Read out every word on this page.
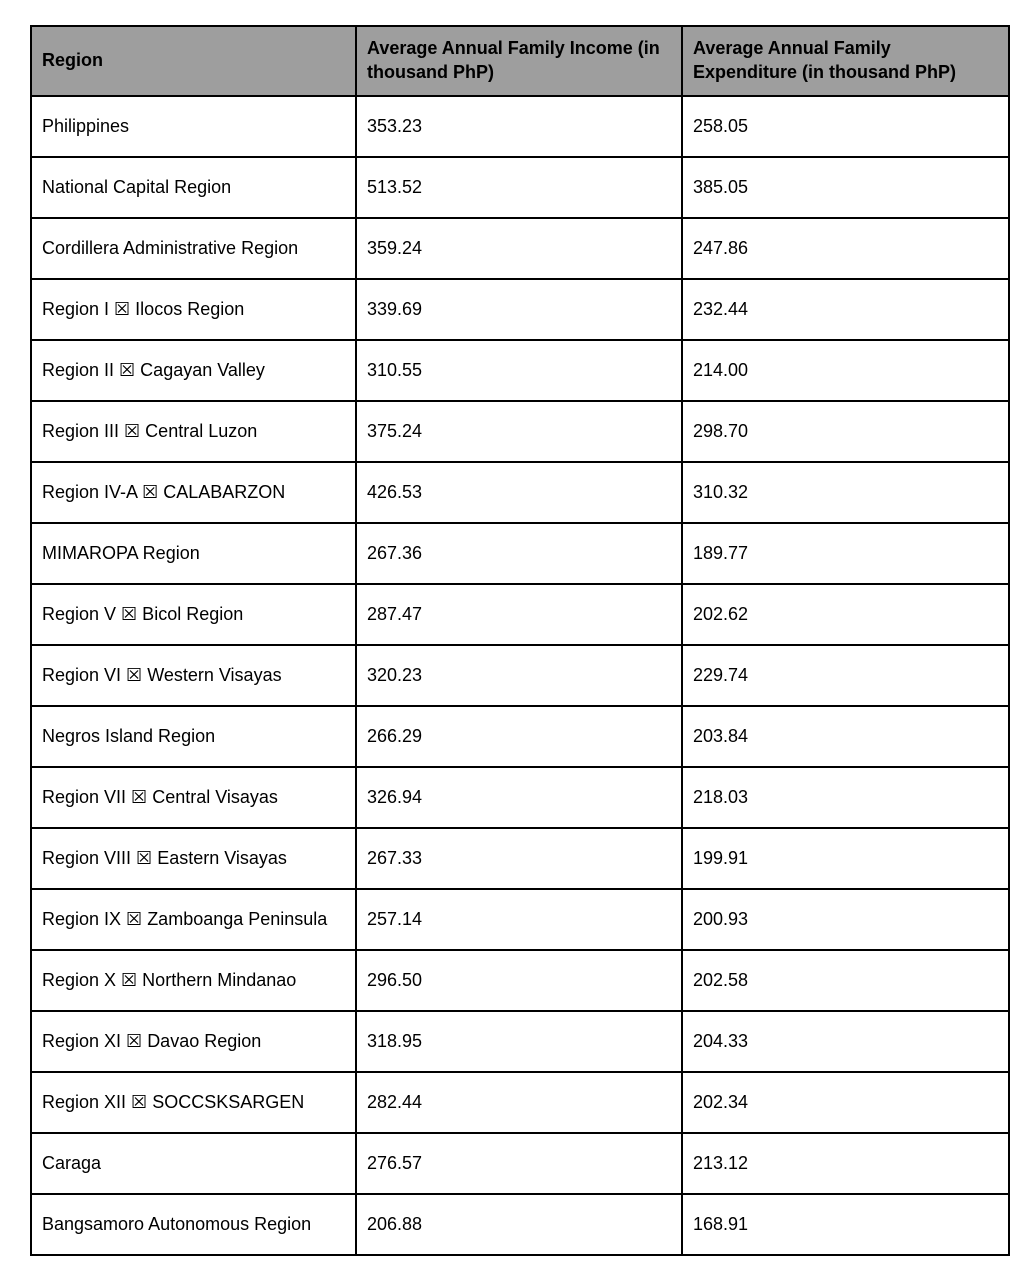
Region	Average Annual Family Income (in thousand PhP)	Average Annual Family Expenditure (in thousand PhP)
Philippines	353.23	258.05
National Capital Region	513.52	385.05
Cordillera Administrative Region	359.24	247.86
Region I ☒ Ilocos Region	339.69	232.44
Region II ☒ Cagayan Valley	310.55	214.00
Region III ☒ Central Luzon	375.24	298.70
Region IV-A ☒ CALABARZON	426.53	310.32
MIMAROPA Region	267.36	189.77
Region V ☒ Bicol Region	287.47	202.62
Region VI ☒ Western Visayas	320.23	229.74
Negros Island Region	266.29	203.84
Region VII ☒ Central Visayas	326.94	218.03
Region VIII ☒ Eastern Visayas	267.33	199.91
Region IX ☒ Zamboanga Peninsula	257.14	200.93
Region X ☒ Northern Mindanao	296.50	202.58
Region XI ☒ Davao Region	318.95	204.33
Region XII ☒ SOCCSKSARGEN	282.44	202.34
Caraga	276.57	213.12
Bangsamoro Autonomous Region	206.88	168.91
